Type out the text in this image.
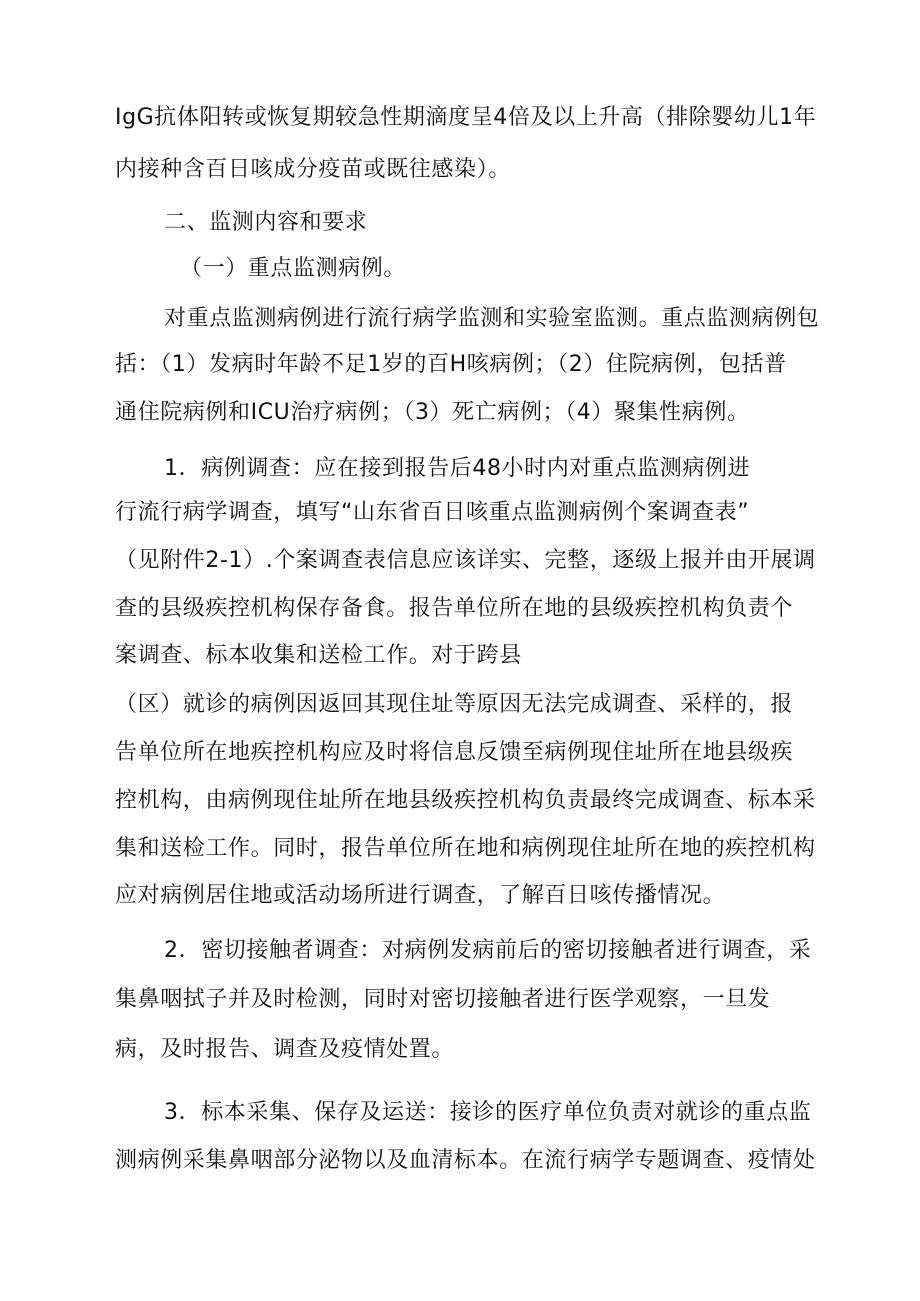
IgG抗体阳转或恢复期较急性期滴度呈4倍及以上升高（排除婴幼儿1年
内接种含百日咳成分疫苗或既往感染）。
二、监测内容和要求
（一）重点监测病例。
对重点监测病例进行流行病学监测和实验室监测。重点监测病例包
括：（1）发病时年龄不足1岁的百H咳病例；（2）住院病例，包括普
通住院病例和ICU治疗病例；（3）死亡病例；（4）聚集性病例。
1．病例调查：应在接到报告后48小时内对重点监测病例进
行流行病学调查，填写“山东省百日咳重点监测病例个案调查表”
（见附件2-1）.个案调查表信息应该详实、完整，逐级上报并由开展调
查的县级疾控机构保存备食。报告单位所在地的县级疾控机构负责个
案调查、标本收集和送检工作。对于跨县
（区）就诊的病例因返回其现住址等原因无法完成调查、采样的，报
告单位所在地疾控机构应及时将信息反馈至病例现住址所在地县级疾
控机构，由病例现住址所在地县级疾控机构负责最终完成调查、标本采
集和送检工作。同时，报告单位所在地和病例现住址所在地的疾控机构
应对病例居住地或活动场所进行调查，了解百日咳传播情况。
2．密切接触者调查：对病例发病前后的密切接触者进行调查，采
集鼻咽拭子并及时检测，同时对密切接触者进行医学观察，一旦发
病，及时报告、调查及疫情处置。
3．标本采集、保存及运送：接诊的医疗单位负责对就诊的重点监
测病例采集鼻咽部分泌物以及血清标本。在流行病学专题调查、疫情处
